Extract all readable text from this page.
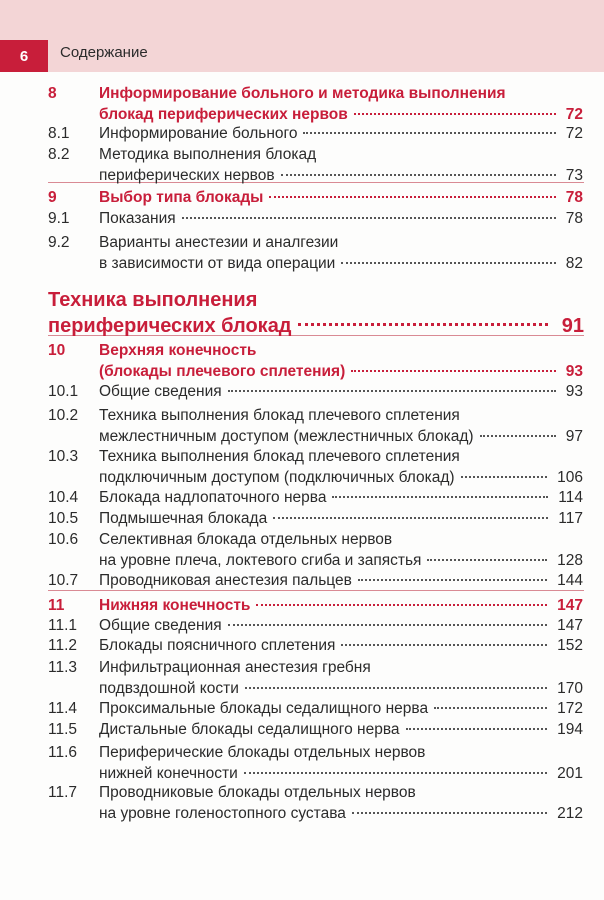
6	Содержание
8	Информирование больного и методика выполнения
блокад периферических нервов	72
8.1 Информирование больного	72
8.2 Методика выполнения блокад
периферических нервов	73
9	Выбор типа блокады	78
9.1 Показания	78
9.2 Варианты анестезии и аналгезии
в зависимости от вида операции	82
Техника выполнения
периферических блокад	91
10 Верхняя конечность
(блокады плечевого сплетения)	93
10.1 Общие сведения	93
10.2 Техника выполнения блокад плечевого сплетения
межлестничным доступом (межлестничных блокад)	97
10.3 Техника выполнения блокад плечевого сплетения
подключичным доступом (подключичных блокад)	106
10.4 Блокада надлопаточного нерва	114
10.5 Подмышечная блокада	117
10.6 Селективная блокада отдельных нервов
на уровне плеча, локтевого сгиба и запястья	128
10.7 Проводниковая анестезия пальцев	144
11 Нижняя конечность	147
11.1 Общие сведения	147
11.2 Блокады поясничного сплетения	152
11.3 Инфильтрационная анестезия гребня
подвздошной кости	170
11.4 Проксимальные блокады седалищного нерва	172
11.5 Дистальные блокады седалищного нерва	194
11.6 Периферические блокады отдельных нервов
нижней конечности	201
11.7 Проводниковые блокады отдельных нервов
на уровне голеностопного сустава	212
